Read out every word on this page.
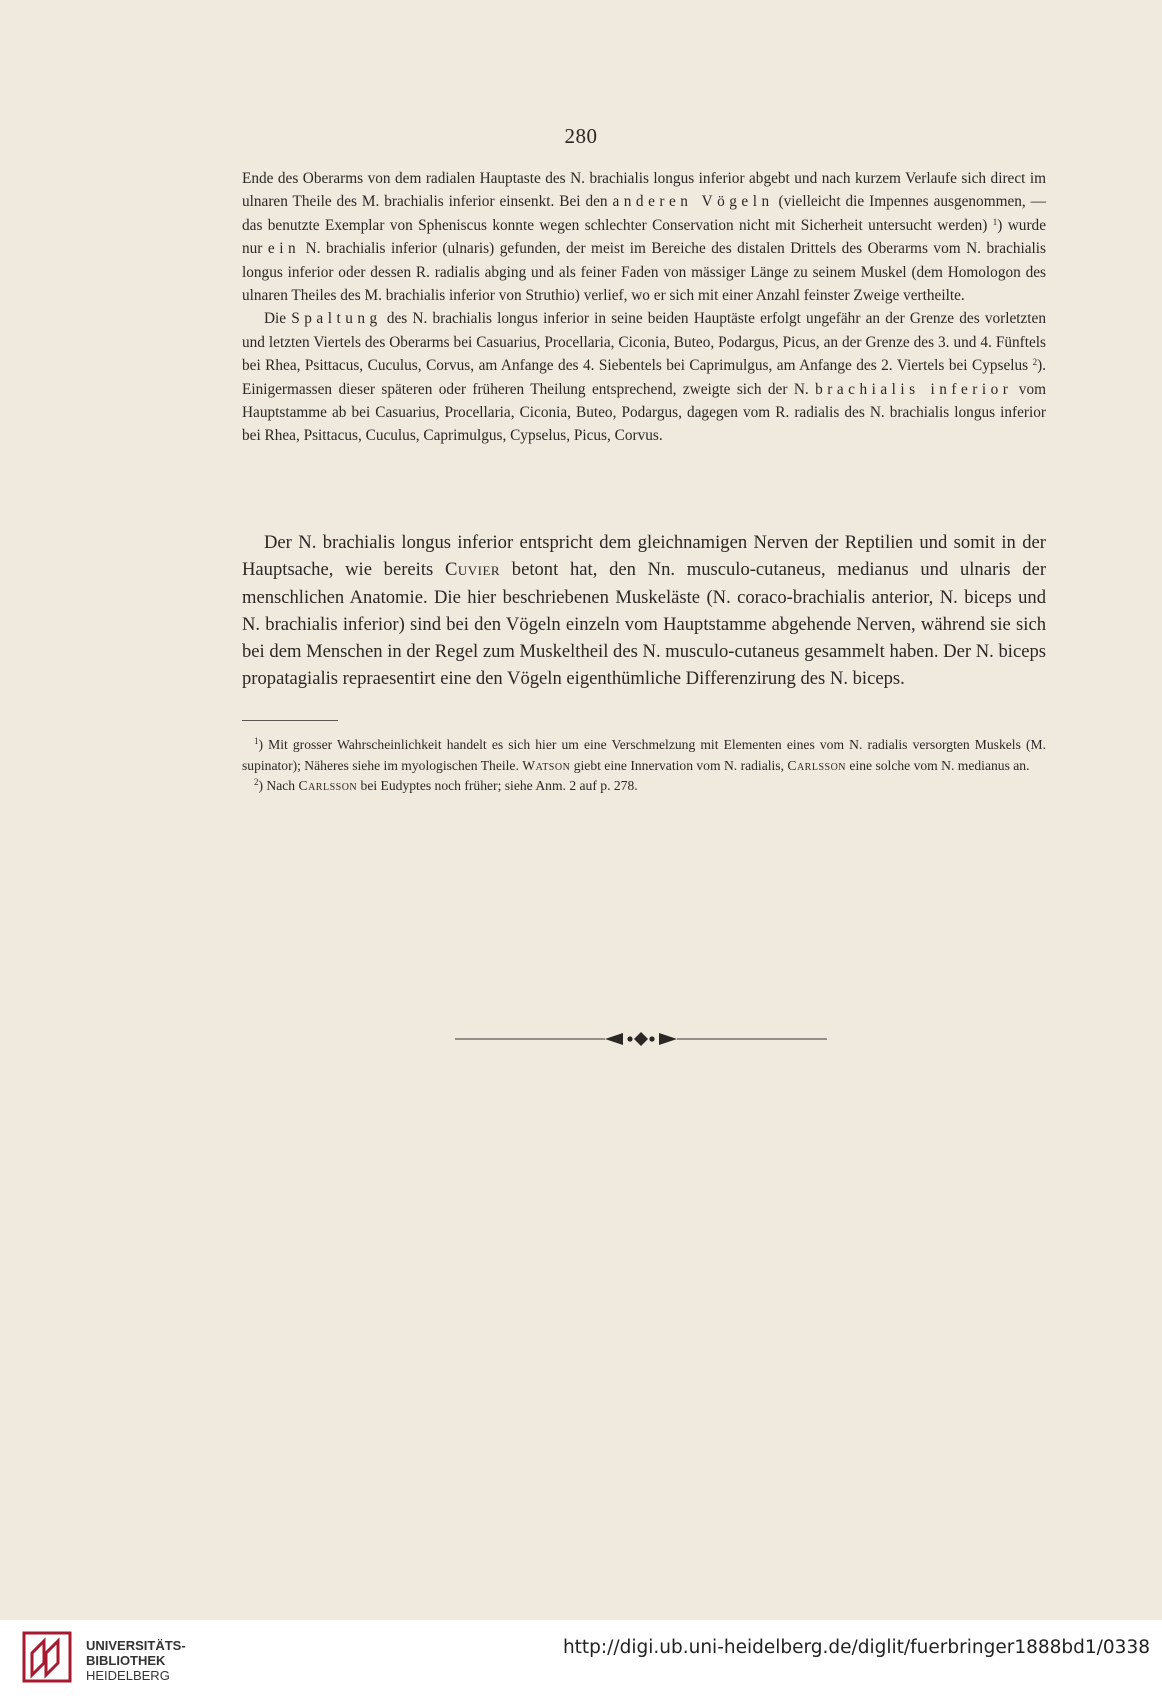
280

Ende des Oberarms von dem radialen Hauptaste des N. brachialis longus inferior abgebt und nach kurzem Verlaufe sich direct im ulnaren Theile des M. brachialis inferior einsenkt. Bei den anderen Vögeln (vielleicht die Impennes ausgenommen, — das benutzte Exemplar von Spheniscus konnte wegen schlechter Conservation nicht mit Sicherheit untersucht werden) $^1$) wurde nur ein N. brachialis inferior (ulnaris) gefunden, der meist im Bereiche des distalen Drittels des Oberarms vom N. brachialis longus inferior oder dessen R. radialis abging und als feiner Faden von mässiger Länge zu seinem Muskel (dem Homologon des ulnaren Theiles des M. brachialis inferior von Struthio) verlief, wo er sich mit einer Anzahl feinster Zweige vertheilte.

Die Spaltung des N. brachialis longus inferior in seine beiden Hauptäste erfolgt ungefähr an der Grenze des vorletzten und letzten Viertels des Oberarms bei Casuarius, Procellaria, Ciconia, Buteo, Podargus, Picus, an der Grenze des 3. und 4. Fünftels bei Rhea, Psittacus, Cuculus, Corvus, am Anfange des 4. Siebentels bei Caprimulgus, am Anfange des 2. Viertels bei Cypselus $^2$). Einigermassen dieser späteren oder früheren Theilung entsprechend, zweigte sich der N. brachialis inferior vom Hauptstamme ab bei Casuarius, Procellaria, Ciconia, Buteo, Podargus, dagegen vom R. radialis des N. brachialis longus inferior bei Rhea, Psittacus, Cuculus, Caprimulgus, Cypselus, Picus, Corvus.

Der N. brachialis longus inferior entspricht dem gleichnamigen Nerven der Reptilien und somit in der Hauptsache, wie bereits Cuvier betont hat, den Nn. musculo-cutaneus, medianus und ulnaris der menschlichen Anatomie. Die hier beschriebenen Muskeläste (N. coraco-brachialis anterior, N. biceps und N. brachialis inferior) sind bei den Vögeln einzeln vom Hauptstamme abgehende Nerven, während sie sich bei dem Menschen in der Regel zum Muskeltheil des N. musculo-cutaneus gesammelt haben. Der N. biceps propatagialis repraesentirt eine den Vögeln eigenthümliche Differenzirung des N. biceps.

$^1$) Mit grosser Wahrscheinlichkeit handelt es sich hier um eine Verschmelzung mit Elementen eines vom N. radialis versorgten Muskels (M. supinator); Näheres siehe im myologischen Theile. Watson giebt eine Innervation vom N. radialis, Carlsson eine solche vom N. medianus an.

$^2$) Nach Carlsson bei Eudyptes noch früher; siehe Anm. 2 auf p. 278.

UNIVERSITÄTS-
BIBLIOTHEK
HEIDELBERG
http://digi.ub.uni-heidelberg.de/diglit/fuerbringer1888bd1/0338
